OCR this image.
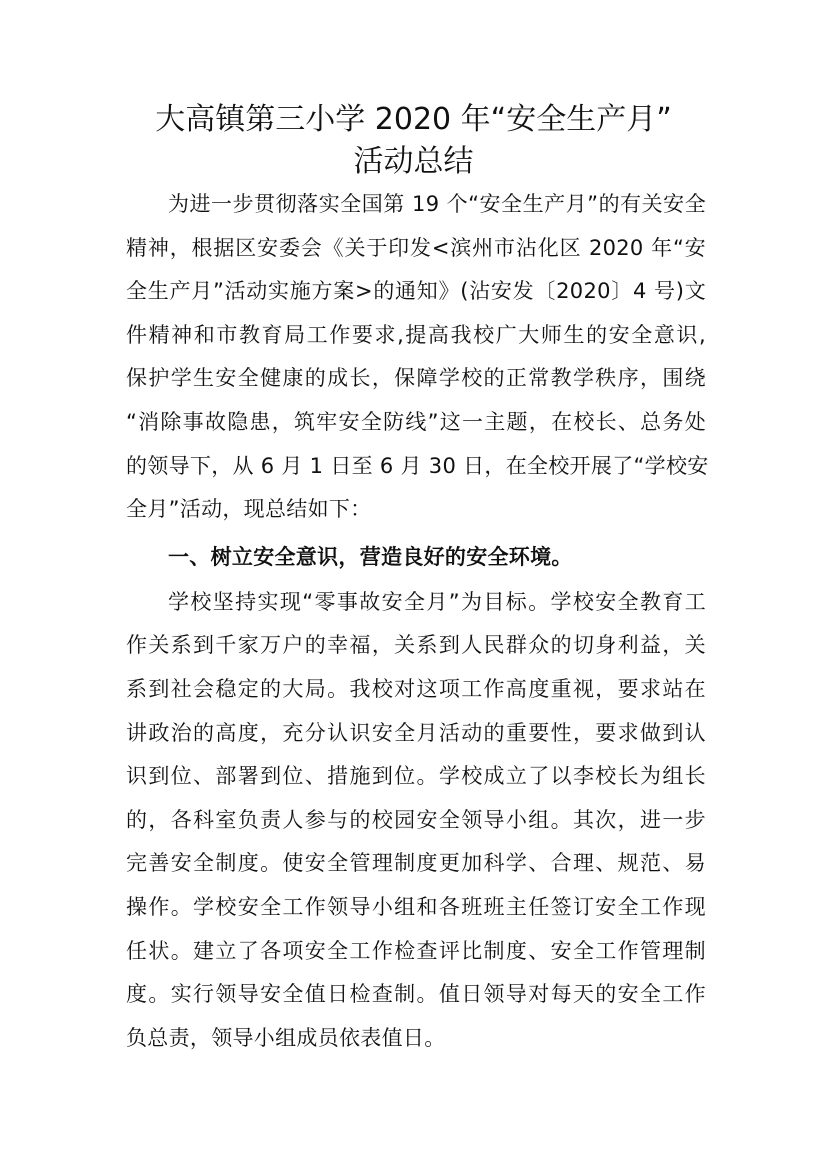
大高镇第三小学 2020 年“安全生产月”
活动总结
为进一步贯彻落实全国第 19 个“安全生产月”的有关安全
精神，根据区安委会《关于印发<滨州市沾化区 2020 年“安
全生产月”活动实施方案>的通知》(沾安发〔2020〕4 号)文
件精神和市教育局工作要求,提高我校广大师生的安全意识,
保护学生安全健康的成长，保障学校的正常教学秩序，围绕
“消除事故隐患，筑牢安全防线”这一主题，在校长、总务处
的领导下，从 6 月 1 日至 6 月 30 日，在全校开展了“学校安
全月”活动，现总结如下：
一、树立安全意识，营造良好的安全环境。
学校坚持实现“零事故安全月”为目标。学校安全教育工
作关系到千家万户的幸福，关系到人民群众的切身利益，关
系到社会稳定的大局。我校对这项工作高度重视，要求站在
讲政治的高度，充分认识安全月活动的重要性，要求做到认
识到位、部署到位、措施到位。学校成立了以李校长为组长
的，各科室负责人参与的校园安全领导小组。其次，进一步
完善安全制度。使安全管理制度更加科学、合理、规范、易
操作。学校安全工作领导小组和各班班主任签订安全工作现
任状。建立了各项安全工作检查评比制度、安全工作管理制
度。实行领导安全值日检查制。值日领导对每天的安全工作
负总责，领导小组成员依表值日。
